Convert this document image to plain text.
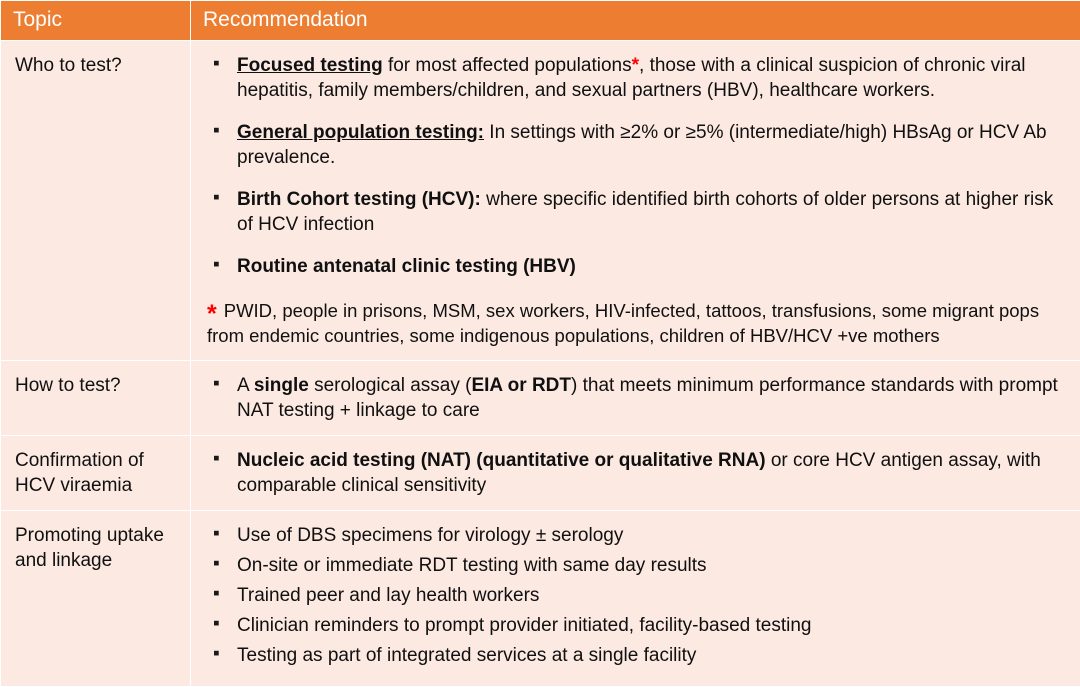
Topic	Recommendation
Who to test?	
▪Focused testing for most affected populations*, those with a clinical suspicion of chronic viral hepatitis, family members/children, and sexual partners (HBV), healthcare workers.
▪ General population testing: In settings with ≥2% or ≥5% (intermediate/high) HBsAg or HCV Ab prevalence.
▪ Birth Cohort testing (HCV): where specific identified birth cohorts of older persons at higher risk of HCV infection
▪ Routine antenatal clinic testing (HBV)
* PWID, people in prisons, MSM, sex workers, HIV-infected, tattoos, transfusions, some migrant pops from endemic countries, some indigenous populations, children of HBV/HCV +ve mothers

How to test?	
▪A single serological assay (EIA or RDT) that meets minimum performance standards with prompt NAT testing + linkage to care

Confirmation of HCV viraemia	
▪ Nucleic acid testing (NAT) (quantitative or qualitative RNA) or core HCV antigen assay, with comparable clinical sensitivity

Promoting uptake and linkage	
▪ Use of DBS specimens for virology ± serology
▪ On-site or immediate RDT testing with same day results
▪ Trained peer and lay health workers
▪ Clinician reminders to prompt provider initiated, facility-based testing
▪ Testing as part of integrated services at a single facility
